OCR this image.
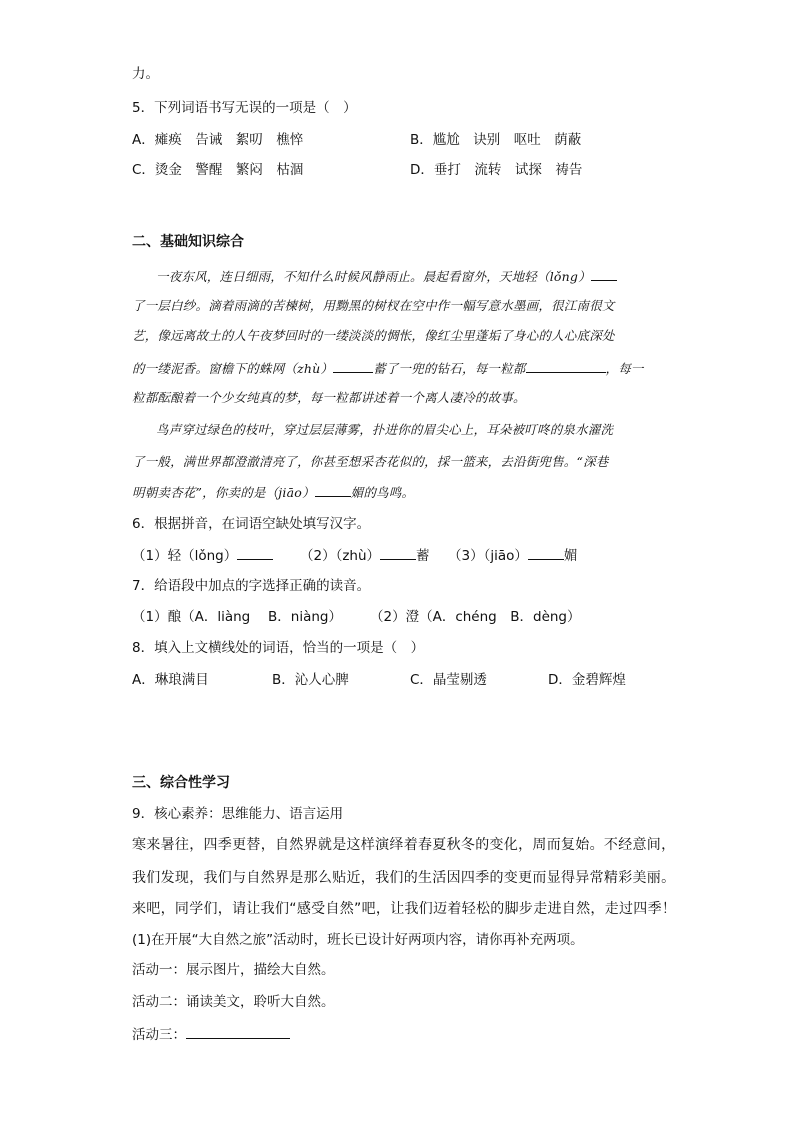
力。
5．下列词语书写无误的一项是（　）
A．瘫痪　告诫　絮叨　樵悴	B．尴尬　诀别　呕吐　荫蔽
C．烫金　警醒　繁闷　枯涸	D．垂打　流转　试探　祷告
二、基础知识综合
一夜东风，连日细雨，不知什么时候风静雨止。晨起看窗外，天地轻（lǒng）
了一层白纱。滴着雨滴的苦楝树，用黝黑的树杈在空中作一幅写意水墨画，很江南很文
艺，像远离故土的人午夜梦回时的一缕淡淡的惆怅，像红尘里蓬垢了身心的人心底深处
的一缕泥香。窗檐下的蛛网（zhù）	蓄了一兜的钻石，每一粒都	，每一
粒都酝酿着一个少女纯真的梦，每一粒都讲述着一个离人凄冷的故事。
鸟声穿过绿色的枝叶，穿过层层薄雾，扑进你的眉尖心上，耳朵被叮咚的泉水濯洗
了一般，满世界都澄澈清亮了，你甚至想采杏花似的，採一篮来，去沿街兜售。“深巷
明朝卖杏花”，你卖的是（jiāo）	媚的鸟鸣。
6．根据拼音，在词语空缺处填写汉字。
（1）轻（lǒng）	（2）（zhù）	蓄 （3）（jiāo）	媚
7．给语段中加点的字选择正确的读音。
（1）酿（A．liàng　 B．niàng） （2）澄（A．chéng　B．dèng）
8．填入上文横线处的词语，恰当的一项是（　）
A．琳琅满目	B．沁人心脾	C．晶莹剔透	D．金碧辉煌
三、综合性学习
9．核心素养：思维能力、语言运用
寒来暑往，四季更替，自然界就是这样演绎着春夏秋冬的变化，周而复始。不经意间，
我们发现，我们与自然界是那么贴近，我们的生活因四季的变更而显得异常精彩美丽。
来吧，同学们，请让我们“感受自然”吧，让我们迈着轻松的脚步走进自然，走过四季！
(1)在开展“大自然之旅”活动时，班长已设计好两项内容，请你再补充两项。
活动一：展示图片，描绘大自然。
活动二：诵读美文，聆听大自然。
活动三：
